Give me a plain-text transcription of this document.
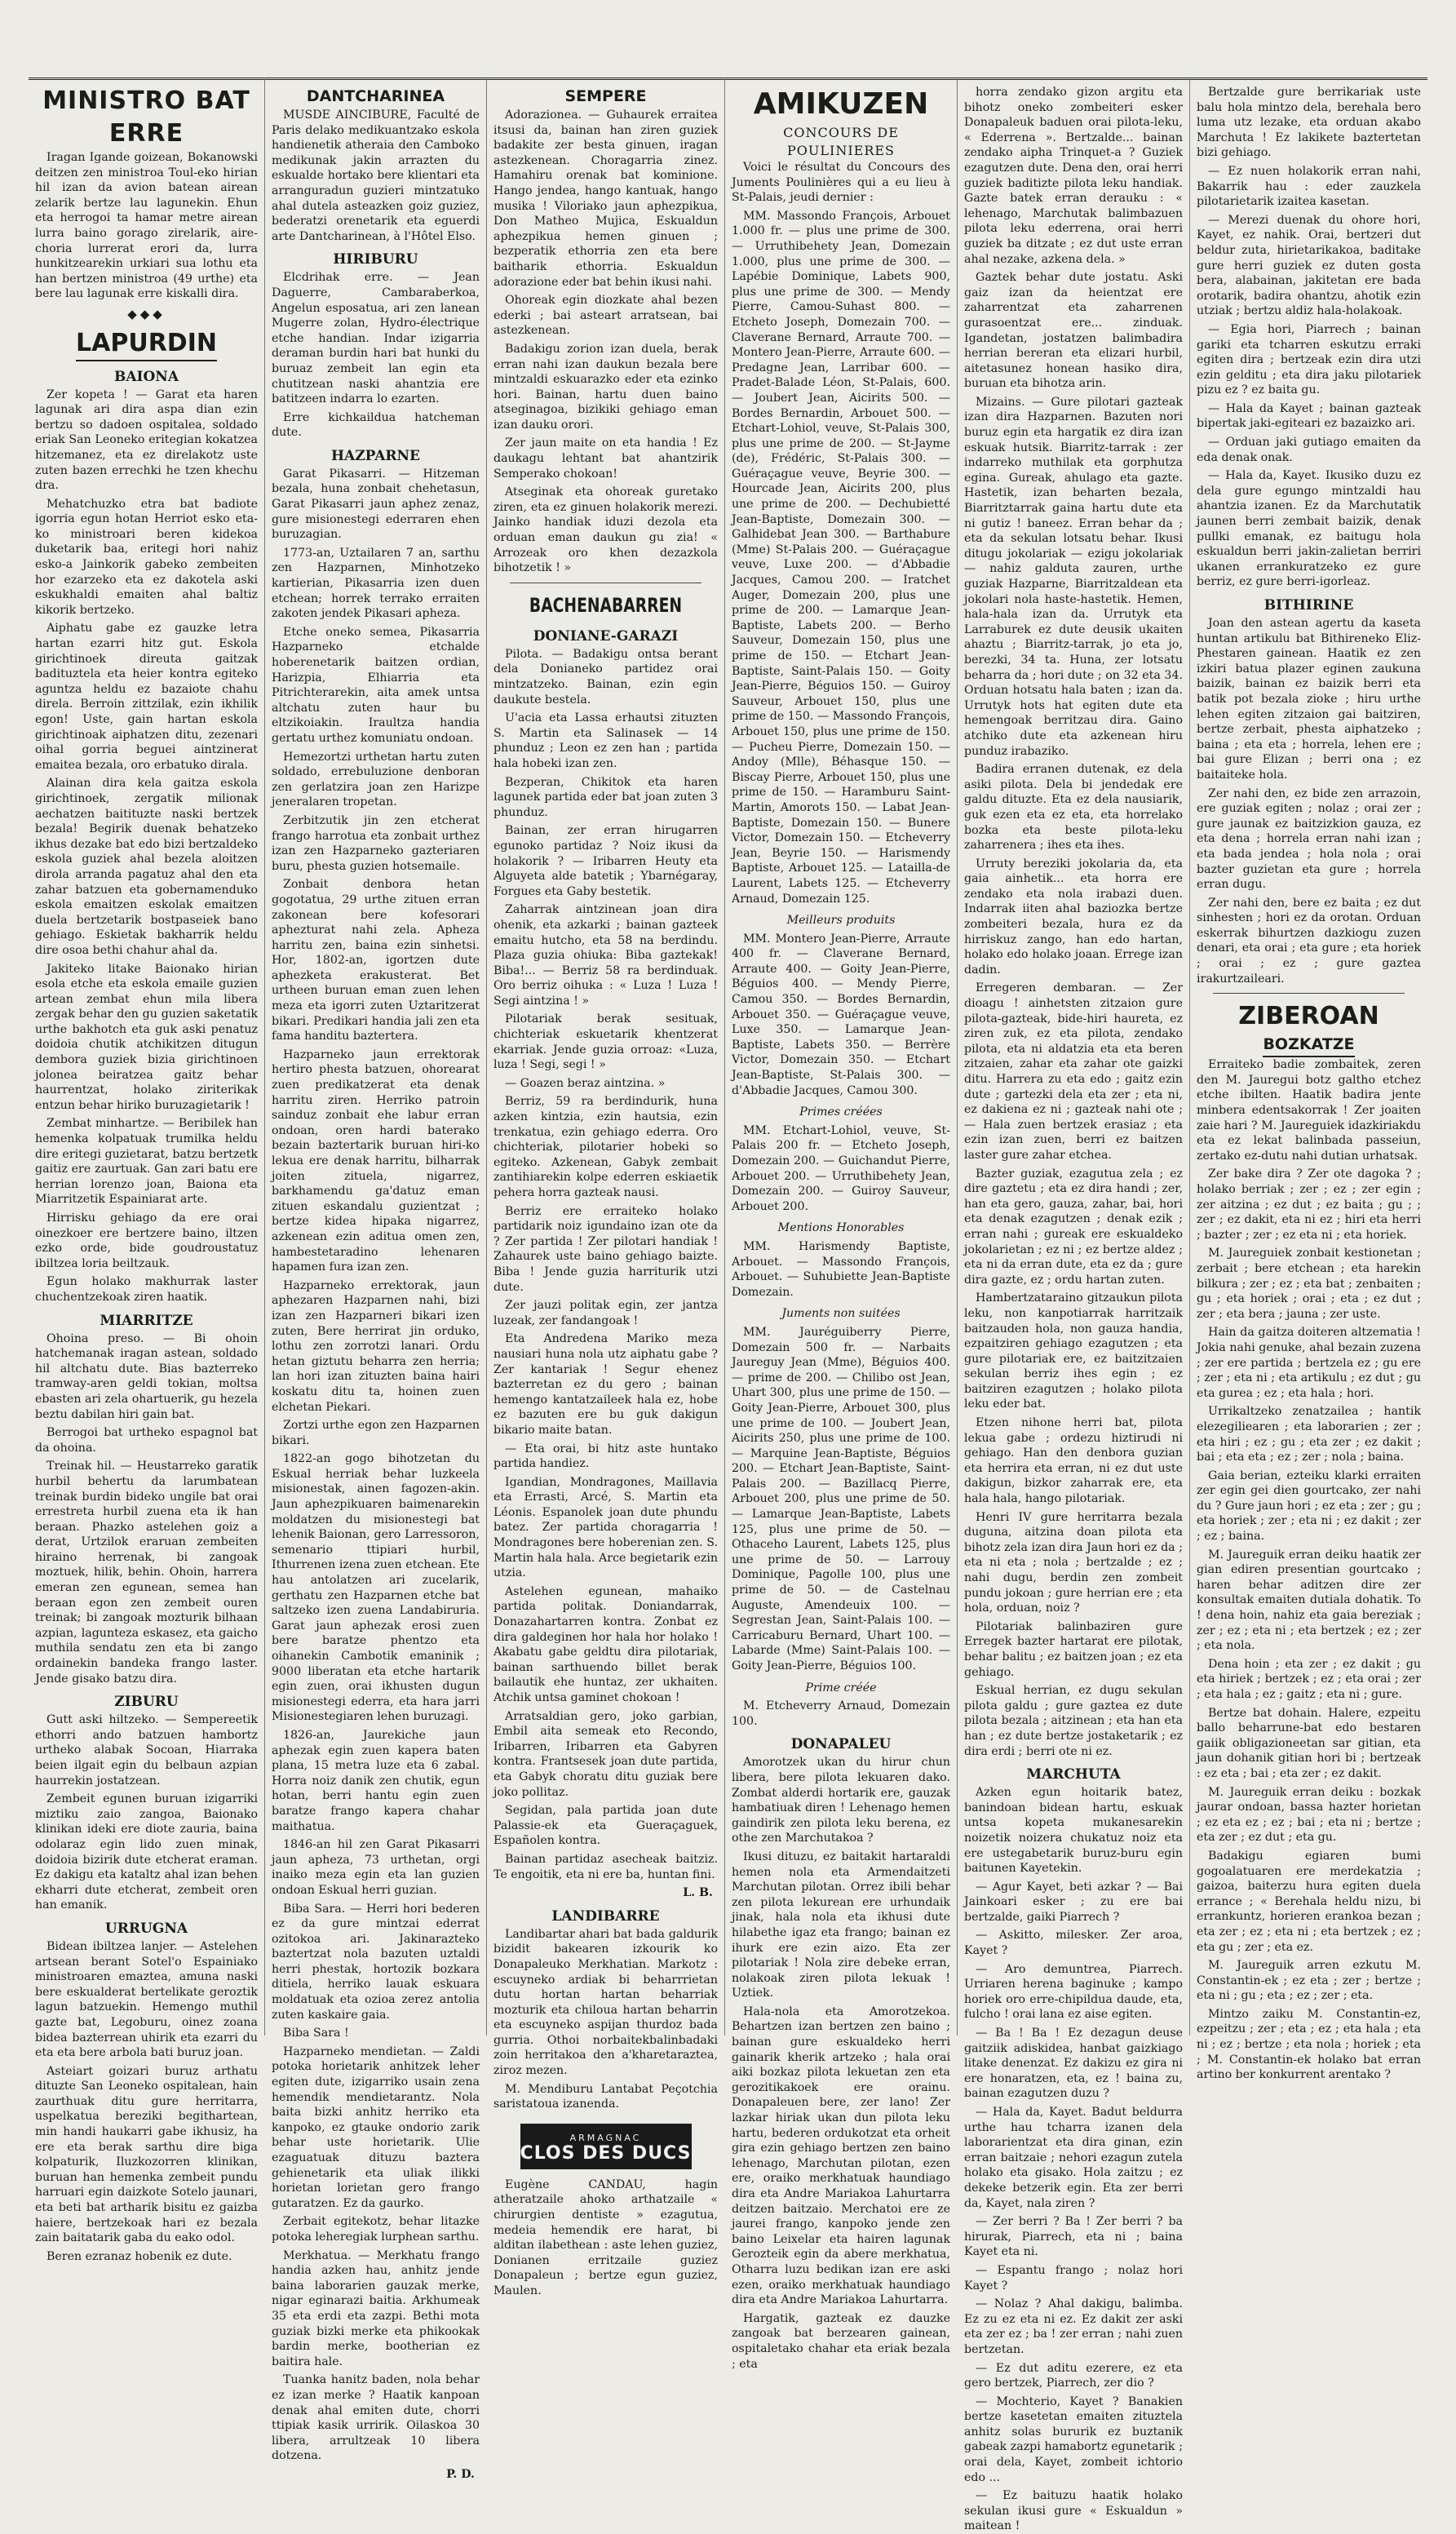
MINISTRO BAT ERRE

Iragan Igande goizean, Bokanowski deitzen zen ministroa Toul-eko hirian hil izan da avion batean airean zelarik bertze lau lagunekin. Ehun eta herrogoi ta hamar metre airean lurra baino gorago zirelarik, aire-choria lurrerat erori da, lurra hunkitzearekin urkiari sua lothu eta han bertzen ministroa (49 urthe) eta bere lau lagunak erre kiskalli dira.

◆◆◆
LAPURDIN
BAIONA

Zer kopeta ! — Garat eta haren lagunak ari dira aspa dian ezin bertzu so dadoen ospitalea, soldado eriak San Leoneko eritegian kokatzea hitzemanez, eta ez direlakotz uste zuten bazen errechki he tzen khechu dra.

Mehatchuzko etra bat badiote igorria egun hotan Herriot esko eta-ko ministroari beren kidekoa duketarik baa, eritegi hori nahiz esko-a Jainkorik gabeko zembeiten hor ezarzeko eta ez dakotela aski eskukhaldi emaiten ahal baltiz kikorik bertzeko.

Aiphatu gabe ez gauzke letra hartan ezarri hitz gut. Eskola girichtinoek direuta gaitzak badituztela eta heier kontra egiteko aguntza heldu ez bazaiote chahu direla. Berroin zittzilak, ezin ikhilik egon! Uste, gain hartan eskola girichtinoak aiphatzen ditu, zezenari oihal gorria beguei aintzinerat emaitea bezala, oro erbatuko dirala.

Alainan dira kela gaitza eskola girichtinoek, zergatik milionak aechatzen baitituzte naski bertzek bezala! Begirik duenak behatzeko ikhus dezake bat edo bizi bertzaldeko eskola guziek ahal bezela aloitzen dirola arranda pagatuz ahal den eta zahar batzuen eta gobernamenduko eskola emaitzen eskolak emaitzen duela bertzetarik bostpaseiek bano gehiago. Eskietak bakharrik heldu dire osoa bethi chahur ahal da.

Jakiteko litake Baionako hirian esola etche eta eskola emaile guzien artean zembat ehun mila libera zergak behar den gu guzien saketatik urthe bakhotch eta guk aski penatuz doidoia chutik atchikitzen ditugun dembora guziek bizia girichtinoen jolonea beiratzea gaitz behar haurrentzat, holako ziriterikak entzun behar hiriko buruzagietarik !

Zembat minhartze. — Beribilek han hemenka kolpatuak trumilka heldu dire eritegi guzietarat, batzu bertzetk gaitiz ere zaurtuak. Gan zari batu ere herrian lorenzo joan, Baiona eta Miarritzetik Espainiarat arte.

Hirrisku gehiago da ere orai oinezkoer ere bertzere baino, iltzen ezko orde, bide goudroustatuz ibiltzea loria beiltzauk.

Egun holako makhurrak laster chuchentzekoak ziren haatik.

MIARRITZE

Ohoina preso. — Bi ohoin hatchemanak iragan astean, soldado hil altchatu dute. Bias bazterreko tramway-aren geldi tokian, moltsa ebasten ari zela ohartuerik, gu hezela beztu dabilan hiri gain bat.

Berrogoi bat urtheko espagnol bat da ohoina.

Treinak hil. — Heustarreko garatik hurbil behertu da larumbatean treinak burdin bideko ungile bat orai errestreta hurbil zuena eta ik han beraan. Phazko astelehen goiz a derat, Urtzilok eraruan zembeiten hiraino herrenak, bi zangoak moztuek, hilik, behin. Ohoin, harrera emeran zen egunean, semea han beraan egon zen zembeit ouren treinak; bi zangoak mozturik bilhaan azpian, lagunteza eskasez, eta gaicho muthila sendatu zen eta bi zango ordainekin bandeka frango laster. Jende gisako batzu dira.

ZIBURU

Gutt aski hiltzeko. — Sempereetik ethorri ando batzuen hambortz urtheko alabak Socoan, Hiarraka beien ilgait egin du belbaun azpian haurrekin jostatzean.

Zembeit egunen buruan izigarriki miztiku zaio zangoa, Baionako klinikan ideki ere diote zauria, baina odolaraz egin lido zuen minak, doidoia bizirik dute etcherat eraman. Ez dakigu eta kataltz ahal izan behen ekharri dute etcherat, zembeit oren han emanik.

URRUGNA

Bidean ibiltzea lanjer. — Astelehen artsean berant Sotel'o Espainiako ministroaren emaztea, amuna naski bere eskualderat bertelikate geroztik lagun batzuekin. Hemengo muthil gazte bat, Legoburu, oinez zoana bidea bazterrean uhirik eta ezarri du eta eta bere arbola bati buruz joan.

Asteiart goizari buruz arthatu dituzte San Leoneko ospitalean, hain zaurthuak ditu gure herritarra, uspelkatua bereziki begithartean, min handi haukarri gabe ikhusiz, ha ere eta berak sarthu dire biga kolpaturik, Iluzkozorren klinikan, buruan han hemenka zembeit pundu harruari egin daizkote Sotelo jaunari, eta beti bat artharik bisitu ez gaizba haiere, bertzekoak hari ez bezala zain baitatarik gaba du eako odol.

Beren ezranaz hobenik ez dute.

DANTCHARINEA

MUSDE AINCIBURE, Faculté de Paris delako medikuantzako eskola handienetik atheraia den Camboko medikunak jakin arrazten du eskualde hortako bere klientari eta arranguradun guzieri mintzatuko ahal dutela asteazken goiz guziez, bederatzi orenetarik eta eguerdi arte Dantcharinean, à l'Hôtel Elso.

HIRIBURU

Elcdrihak erre. — Jean Daguerre, Cambaraberkoa, Angelun esposatua, ari zen lanean Mugerre zolan, Hydro-électrique etche handian. Indar izigarria deraman burdin hari bat hunki du buruaz zembeit lan egin eta chutitzean naski ahantzia ere batitzeen indarra lo ezarten.

Erre kichkaildua hatcheman dute.

HAZPARNE

Garat Pikasarri. — Hitzeman bezala, huna zonbait chehetasun, Garat Pikasarri jaun aphez zenaz, gure misionestegi ederraren ehen buruzagian.

1773-an, Uztailaren 7 an, sarthu zen Hazparnen, Minhotzeko kartierian, Pikasarria izen duen etchean; horrek terrako erraiten zakoten jendek Pikasari apheza.

Etche oneko semea, Pikasarria Hazparneko etchalde hoberenetarik baitzen ordian, Harizpia, Elhiarria eta Pitrichterarekin, aita amek untsa altchatu zuten haur bu eltzikoiakin. Iraultza handia gertatu urthez komuniatu ondoan.

Hemezortzi urthetan hartu zuten soldado, errebuluzione denboran zen gerlatzira joan zen Harizpe jeneralaren tropetan.

Zerbitzutik jin zen etcherat frango harrotua eta zonbait urthez izan zen Hazparneko gazteriaren buru, phesta guzien hotsemaile.

Zonbait denbora hetan gogotatua, 29 urthe zituen erran zakonean bere kofesorari aphezturat nahi zela. Apheza harritu zen, baina ezin sinhetsi. Hor, 1802-an, igortzen dute aphezketa erakusterat. Bet urtheen buruan eman zuen lehen meza eta igorri zuten Uztaritzerat bikari. Predikari handia jali zen eta fama handitu baztertera.

Hazparneko jaun errektorak hertiro phesta batzuen, ohorearat zuen predikatzerat eta denak harritu ziren. Herriko patroin sainduz zonbait ehe labur erran ondoan, oren hardi baterako bezain baztertarik buruan hiri-ko lekua ere denak harritu, bilharrak joiten zituela, nigarrez, barkhamendu ga'datuz eman zituen eskandalu guzientzat ; bertze kidea hipaka nigarrez, azkenean ezin aditua omen zen, hambestetaradino lehenaren hapamen fura izan zen.

Hazparneko errektorak, jaun aphezaren Hazparnen nahi, bizi izan zen Hazparneri bikari izen zuten, Bere herrirat jin orduko, lothu zen zorrotzi lanari. Ordu hetan giztutu beharra zen herria; lan hori izan zituzten baina hairi koskatu ditu ta, hoinen zuen elchetan Piekari.

Zortzi urthe egon zen Hazparnen bikari.

1822-an gogo bihotzetan du Eskual herriak behar luzkeela misionestak, ainen fagozen-akin. Jaun aphezpikuaren baimenarekin moldatzen du misionestegi bat lehenik Baionan, gero Larressoron, semenario ttipiari hurbil, Ithurrenen izena zuen etchean. Ete hau antolatzen ari zucelarik, gerthatu zen Hazparnen etche bat saltzeko izen zuena Landabiruria. Garat jaun aphezak erosi zuen bere baratze phentzo eta oihanekin Cambotik emaninik ; 9000 liberatan eta etche hartarik egin zuen, orai ikhusten dugun misionestegi ederra, eta hara jarri Misionestegiaren lehen buruzagi.

1826-an, Jaurekiche jaun aphezak egin zuen kapera baten plana, 15 metra luze eta 6 zabal. Horra noiz danik zen chutik, egun hotan, berri hantu egin zuen baratze frango kapera chahar maithatua.

1846-an hil zen Garat Pikasarri jaun apheza, 73 urthetan, orgi inaiko meza egin eta lan guzien ondoan Eskual herri guzian.

Biba Sara. — Herri hori bederen ez da gure mintzai ederrat ozitokoa ari. Jakinarazteko baztertzat nola bazuten uztaldi herri phestak, hortozik bozkara ditiela, herriko lauak eskuara moldatuak eta ozioa zerez antolia zuten kaskaire gaia.

Biba Sara !

Hazparneko mendietan. — Zaldi potoka horietarik anhitzek leher egiten dute, izigarriko usain zena hemendik mendietarantz. Nola baita bizki anhitz herriko eta kanpoko, ez gtauke ondorio zarik behar uste horietarik. Ulie ezaguatuak dituzu baztera gehienetarik eta uliak ilikki horietan lorietan gero frango gutaratzen. Ez da gaurko.

Zerbait egitekotz, behar litazke potoka leheregiak lurphean sarthu.

Merkhatua. — Merkhatu frango handia azken hau, anhitz jende baina laborarien gauzak merke, nigar eginarazi baitia. Arkhumeak 35 eta erdi eta zazpi. Bethi mota guziak bizki merke eta phikookak bardin merke, bootherian ez baitira hale.

Tuanka hanitz baden, nola behar ez izan merke ? Haatik kanpoan denak ahal emiten dute, chorri ttipiak kasik urririk. Oilaskoa 30 libera, arrultzeak 10 libera dotzena.

P. D.
SEMPERE

Adorazionea. — Guhaurek erraitea itsusi da, bainan han ziren guziek badakite zer besta ginuen, iragan astezkenean. Choragarria zinez. Hamahiru orenak bat kominione. Hango jendea, hango kantuak, hango musika ! Viloriako jaun aphezpikua, Don Matheo Mujica, Eskualdun aphezpikua hemen ginuen ; bezperatik ethorria zen eta bere baitharik ethorria. Eskualdun adorazione eder bat behin ikusi nahi.

Ohoreak egin diozkate ahal bezen ederki ; bai asteart arratsean, bai astezkenean.

Badakigu zorion izan duela, berak erran nahi izan daukun bezala bere mintzaldi eskuarazko eder eta ezinko hori. Bainan, hartu duen baino atseginagoa, bizikiki gehiago eman izan dauku orori.

Zer jaun maite on eta handia ! Ez daukagu lehtant bat ahantzirik Semperako chokoan!

Atseginak eta ohoreak guretako ziren, eta ez ginuen holakorik merezi. Jainko handiak iduzi dezola eta orduan eman daukun gu zia! « Arrozeak oro khen dezazkola bihotzetik ! »

BACHENABARREN
DONIANE-GARAZI

Pilota. — Badakigu ontsa berant dela Donianeko partidez orai mintzatzeko. Bainan, ezin egin daukute bestela.

U'acia eta Lassa erhautsi zituzten S. Martin eta Salinasek — 14 phunduz ; Leon ez zen han ; partida hala hobeki izan zen.

Bezperan, Chikitok eta haren lagunek partida eder bat joan zuten 3 phunduz.

Bainan, zer erran hirugarren egunoko partidaz ? Noiz ikusi da holakorik ? — Iribarren Heuty eta Alguyeta alde batetik ; Ybarnégaray, Forgues eta Gaby bestetik.

Zaharrak aintzinean joan dira ohenik, eta azkarki ; bainan gazteek emaitu hutcho, eta 58 na berdindu. Plaza guzia ohiuka: Biba gaztekak! Biba!... — Berriz 58 ra berdinduak. Oro berriz oihuka : « Luza ! Luza ! Segi aintzina ! »

Pilotariak berak sesituak, chichteriak eskuetarik khentzerat ekarriak. Jende guzia orroaz: «Luza, luza ! Segi, segi ! »

— Goazen beraz aintzina. »

Berriz, 59 ra berdindurik, huna azken kintzia, ezin hautsia, ezin trenkatua, ezin gehiago ederra. Oro chichteriak, pilotarier hobeki so egiteko. Azkenean, Gabyk zembait zantihiarekin kolpe ederren eskiaetik pehera horra gazteak nausi.

Berriz ere erraiteko holako partidarik noiz igundaino izan ote da ? Zer partida ! Zer pilotari handiak ! Zahaurek uste baino gehiago baizte. Biba ! Jende guzia harriturik utzi dute.

Zer jauzi politak egin, zer jantza luzeak, zer fandangoak !

Eta Andredena Mariko meza nausiari huna nola utz aiphatu gabe ? Zer kantariak ! Segur ehenez bazterretan ez du gero ; bainan hemengo kantatzaileek hala ez, hobe ez bazuten ere bu guk dakigun bikario maite batan.

— Eta orai, bi hitz aste huntako partida handiez.

Igandian, Mondragones, Maillavia eta Errasti, Arcé, S. Martin eta Léonis. Espanolek joan dute phundu batez. Zer partida choragarria ! Mondragones bere hoberenian zen. S. Martin hala hala. Arce begietarik ezin utzia.

Astelehen egunean, mahaiko partida politak. Doniandarrak, Donazahartarren kontra. Zonbat ez dira galdeginen hor hala hor holako ! Akabatu gabe geldtu dira pilotariak, bainan sarthuendo billet berak bailautik ehe huntaz, zer ukhaiten. Atchik untsa gaminet chokoan !

Arratsaldian gero, joko garbian, Embil aita semeak eto Recondo, Iribarren, Iribarren eta Gabyren kontra. Frantsesek joan dute partida, eta Gabyk choratu ditu guziak bere joko pollitaz.

Segidan, pala partida joan dute Palassie-ek eta Gueraçaguek, Españolen kontra.

Bainan partidaz asecheak baitziz. Te engoitik, eta ni ere ba, huntan fini.

L. B.
LANDIBARRE

Landibartar ahari bat bada galdurik bizidit bakearen izkourik ko Donapaleuko Merkhatian. Markotz : escuyneko ardiak bi beharrrietan dutu hortan hartan beharriak mozturik eta chiloua hartan beharrin eta escuyneko aspijan thurdoz bada gurria. Othoi norbaitekbalinbadaki zoin herritakoa den a'kharetaraztea, ziroz mezen.

M. Mendiburu Lantabat Peçotchia saristatoua izanenda.

ARMAGNAC
CLOS DES DUCS

Eugène CANDAU, hagin atheratzaile ahoko arthatzaile « chirurgien dentiste » ezagutua, medeia hemendik ere harat, bi alditan ilabethean : aste lehen guziez, Donianen erritzaile guziez Donapaleun ; bertze egun guziez, Maulen.

AMIKUZEN
CONCOURS DE POULINIERES

Voici le résultat du Concours des Juments Poulinières qui a eu lieu à St-Palais, jeudi dernier :

MM. Massondo François, Arbouet 1.000 fr. — plus une prime de 300. — Urruthibehety Jean, Domezain 1.000, plus une prime de 300. — Lapébie Dominique, Labets 900, plus une prime de 300. — Mendy Pierre, Camou-Suhast 800. — Etcheto Joseph, Domezain 700. — Claverane Bernard, Arraute 700. — Montero Jean-Pierre, Arraute 600. — Predagne Jean, Larribar 600. — Pradet-Balade Léon, St-Palais, 600. — Joubert Jean, Aicirits 500. — Bordes Bernardin, Arbouet 500. — Etchart-Lohiol, veuve, St-Palais 300, plus une prime de 200. — St-Jayme (de), Frédéric, St-Palais 300. — Guéraçague veuve, Beyrie 300. — Hourcade Jean, Aicirits 200, plus une prime de 200. — Dechubietté Jean-Baptiste, Domezain 300. — Galhidebat Jean 300. — Barthabure (Mme) St-Palais 200. — Guéraçague veuve, Luxe 200. — d'Abbadie Jacques, Camou 200. — Iratchet Auger, Domezain 200, plus une prime de 200. — Lamarque Jean-Baptiste, Labets 200. — Berho Sauveur, Domezain 150, plus une prime de 150. — Etchart Jean-Baptiste, Saint-Palais 150. — Goity Jean-Pierre, Béguios 150. — Guiroy Sauveur, Arbouet 150, plus une prime de 150. — Massondo François, Arbouet 150, plus une prime de 150. — Pucheu Pierre, Domezain 150. — Andoy (Mlle), Béhasque 150. — Biscay Pierre, Arbouet 150, plus une prime de 150. — Haramburu Saint-Martin, Amorots 150. — Labat Jean-Baptiste, Domezain 150. — Bunere Victor, Domezain 150. — Etcheverry Jean, Beyrie 150. — Harismendy Baptiste, Arbouet 125. — Latailla-de Laurent, Labets 125. — Etcheverry Arnaud, Domezain 125.

Meilleurs produits

MM. Montero Jean-Pierre, Arraute 400 fr. — Claverane Bernard, Arraute 400. — Goity Jean-Pierre, Béguios 400. — Mendy Pierre, Camou 350. — Bordes Bernardin, Arbouet 350. — Guéraçague veuve, Luxe 350. — Lamarque Jean-Baptiste, Labets 350. — Berrère Victor, Domezain 350. — Etchart Jean-Baptiste, St-Palais 300. — d'Abbadie Jacques, Camou 300.

Primes créées

MM. Etchart-Lohiol, veuve, St-Palais 200 fr. — Etcheto Joseph, Domezain 200. — Guichandut Pierre, Arbouet 200. — Urruthibehety Jean, Domezain 200. — Guiroy Sauveur, Arbouet 200.

Mentions Honorables

MM. Harismendy Baptiste, Arbouet. — Massondo François, Arbouet. — Suhubiette Jean-Baptiste Domezain.

Juments non suitées

MM. Jauréguiberry Pierre, Domezain 500 fr. — Narbaits Jaureguy Jean (Mme), Béguios 400. — prime de 200. — Chilibo ost Jean, Uhart 300, plus une prime de 150. — Goity Jean-Pierre, Arbouet 300, plus une prime de 100. — Joubert Jean, Aicirits 250, plus une prime de 100. — Marquine Jean-Baptiste, Béguios 200. — Etchart Jean-Baptiste, Saint-Palais 200. — Bazillacq Pierre, Arbouet 200, plus une prime de 50. — Lamarque Jean-Baptiste, Labets 125, plus une prime de 50. — Othaceho Laurent, Labets 125, plus une prime de 50. — Larrouy Dominique, Pagolle 100, plus une prime de 50. — de Castelnau Auguste, Amendeuix 100. — Segrestan Jean, Saint-Palais 100. — Carricaburu Bernard, Uhart 100. — Labarde (Mme) Saint-Palais 100. — Goity Jean-Pierre, Béguios 100.

Prime créée

M. Etcheverry Arnaud, Domezain 100.

DONAPALEU

Amorotzek ukan du hirur chun libera, bere pilota lekuaren dako. Zombat alderdi hortarik ere, gauzak hambatiuak diren ! Lehenago hemen gaindirik zen pilota leku berena, ez othe zen Marchutakoa ?

Ikusi dituzu, ez baitakit hartaraldi hemen nola eta Armendaitzeti Marchutan pilotan. Orrez ibili behar zen pilota lekurean ere urhundaik jinak, hala nola eta ikhusi dute hilabethe igaz eta frango; bainan ez ihurk ere ezin aizo. Eta zer pilotariak ! Nola zire debeke erran, nolakoak ziren pilota lekuak ! Uztiek.

Hala-nola eta Amorotzekoa. Behartzen izan bertzen zen baino ; bainan gure eskualdeko herri gainarik kherik artzeko ; hala orai aiki bozkaz pilota lekuetan zen eta gerozitikakoek ere orainu. Donapaleuen bere, zer lano! Zer lazkar hiriak ukan dun pilota leku hartu, bederen ordukotzat eta orheit gira ezin gehiago bertzen zen baino lehenago, Marchutan pilotan, ezen ere, oraiko merkhatuak haundiago dira eta Andre Mariakoa Lahurtarra deitzen baitzaio. Merchatoi ere ze jaurei frango, kanpoko jende zen baino Leixelar eta hairen lagunak Gerozteik egin da abere merkhatua, Otharra luzu bedikan izan ere aski ezen, oraiko merkhatuak haundiago dira eta Andre Mariakoa Lahurtarra.

Hargatik, gazteak ez dauzke zangoak bat berzearen gainean, ospitaletako chahar eta eriak bezala ; eta

horra zendako gizon argitu eta bihotz oneko zombeiteri esker Donapaleuk baduen orai pilota-leku, « Ederrena ». Bertzalde... bainan zendako aipha Trinquet-a ? Guziek ezagutzen dute. Dena den, orai herri guziek baditizte pilota leku handiak. Gazte batek erran derauku : « lehenago, Marchutak balimbazuen pilota leku ederrena, orai herri guziek ba ditzate ; ez dut uste erran ahal nezake, azkena dela. »

Gaztek behar dute jostatu. Aski gaiz izan da heientzat ere zaharrentzat eta zaharrenen gurasoentzat ere... zinduak. Igandetan, jostatzen balimbadira herrian bereran eta elizari hurbil, aitetasunez honean hasiko dira, buruan eta bihotza arin.

Mizains. — Gure pilotari gazteak izan dira Hazparnen. Bazuten nori buruz egin eta hargatik ez dira izan eskuak hutsik. Biarritz-tarrak : zer indarreko muthilak eta gorphutza egina. Gureak, ahulago eta gazte. Hastetik, izan beharten bezala, Biarritztarrak gaina hartu dute eta ni gutiz ! baneez. Erran behar da ; eta da sekulan lotsatu behar. Ikusi ditugu jokolariak — ezigu jokolariak — nahiz galduta zauren, urthe guziak Hazparne, Biarritzaldean eta jokolari nola haste-hastetik. Hemen, hala-hala izan da. Urrutyk eta Larraburek ez dute deusik ukaiten ahaztu ; Biarritz-tarrak, jo eta jo, berezki, 34 ta. Huna, zer lotsatu beharra da ; hori dute ; on 32 eta 34. Orduan hotsatu hala baten ; izan da. Urrutyk hots hat egiten dute eta hemengoak berritzau dira. Gaino atchiko dute eta azkenean hiru punduz irabaziko.

Badira erranen dutenak, ez dela asiki pilota. Dela bi jendedak ere galdu dituzte. Eta ez dela nausiarik, guk ezen eta ez eta, eta horrelako bozka eta beste pilota-leku zaharrenera ; ihes eta ihes.

Urruty bereziki jokolaria da, eta gaia ainhetik... eta horra ere zendako eta nola irabazi duen. Indarrak iiten ahal baziozka bertze zombeiteri bezala, hura ez da hirriskuz zango, han edo hartan, holako edo holako joaan. Errege izan dadin.

Erregeren dembaran. — Zer dioagu ! ainhetsten zitzaion gure pilota-gazteak, bide-hiri haureta, ez ziren zuk, ez eta pilota, zendako pilota, eta ni aldatzia eta eta beren zitzaien, zahar eta zahar ote gaizki ditu. Harrera zu eta edo ; gaitz ezin dute ; gartezki dela eta zer ; eta ni, ez dakiena ez ni ; gazteak nahi ote ; — Hala zuen bertzek erasiaz ; eta ezin izan zuen, berri ez baitzen laster gure zahar etchea.

Bazter guziak, ezagutua zela ; ez dire gaztetu ; eta ez dira handi ; zer, han eta gero, gauza, zahar, bai, hori eta denak ezagutzen ; denak ezik ; erran nahi ; gureak ere eskualdeko jokolarietan ; ez ni ; ez bertze aldez ; eta ni da erran dute, eta ez da ; gure dira gazte, ez ; ordu hartan zuten.

Hambertzataraino gitzaukun pilota leku, non kanpotiarrak harritzaik baitzauden hola, non gauza handia, ezpaitziren gehiago ezagutzen ; eta gure pilotariak ere, ez baitzitzaien sekulan berriz ihes egin ; ez baitziren ezagutzen ; holako pilota leku eder bat.

Etzen nihone herri bat, pilota lekua gabe ; ordezu hiztirudi ni gehiago. Han den denbora guzian eta herrira eta erran, ni ez dut uste dakigun, bizkor zaharrak ere, eta hala hala, hango pilotariak.

Henri IV gure herritarra bezala duguna, aitzina doan pilota eta bihotz zela izan dira Jaun hori ez da ; eta ni eta ; nola ; bertzalde ; ez ; nahi dugu, berdin zen zombeit pundu jokoan ; gure herrian ere ; eta hola, orduan, noiz ?

Pilotariak balinbaziren gure Erregek bazter hartarat ere pilotak, behar balitu ; ez baitzen joan ; ez eta gehiago.

Eskual herrian, ez dugu sekulan pilota galdu ; gure gaztea ez dute pilota bezala ; aitzinean ; eta han eta han ; ez dute bertze jostaketarik ; ez dira erdi ; berri ote ni ez.

MARCHUTA

Azken egun hoitarik batez, banindoan bidean hartu, eskuak untsa kopeta mukanesarekin noizetik noizera chukatuz noiz eta ere ustegabetarik buruz-buru egin baitunen Kayetekin.

— Agur Kayet, beti azkar ? — Bai Jainkoari esker ; zu ere bai bertzalde, gaiki Piarrech ?

— Askitto, milesker. Zer aroa, Kayet ?

— Aro demuntrea, Piarrech. Urriaren herena baginuke ; kampo horiek oro erre-chipildua daude, eta, fulcho ! orai lana ez aise egiten.

— Ba ! Ba ! Ez dezagun deuse gaitziik adiskidea, hanbat gaizkiago litake denenzat. Ez dakizu ez gira ni ere honaratzen, eta, ez ! baina zu, bainan ezagutzen duzu ?

— Hala da, Kayet. Badut beldurra urthe hau tcharra izanen dela laborarientzat eta dira ginan, ezin erran baitzaie ; nehori ezagun zutela holako eta gisako. Hola zaitzu ; ez dekeke betzerik egin. Eta zer berri da, Kayet, nala ziren ?

— Zer berri ? Ba ! Zer berri ? ba hirurak, Piarrech, eta ni ; baina Kayet eta ni.

— Espantu frango ; nolaz hori Kayet ?

— Nolaz ? Ahal dakigu, balimba. Ez zu ez eta ni ez. Ez dakit zer aski eta zer ez ; ba ! zer erran ; nahi zuen bertzetan.

— Ez dut aditu ezerere, ez eta gero bertzek, Piarrech, zer dio ?

— Mochterio, Kayet ? Banakien bertze kasetetan emaiten zituztela anhitz solas bururik ez buztanik gabeak zazpi hamabortz egunetarik ; orai dela, Kayet, zombeit ichtorio edo ...

— Ez baituzu haatik holako sekulan ikusi gure « Eskualdun » maitean !

Bertzalde gure berrikariak uste balu hola mintzo dela, berehala bero luma utz lezake, eta orduan akabo Marchuta ! Ez lakikete baztertetan bizi gehiago.

— Ez nuen holakorik erran nahi, Bakarrik hau : eder zauzkela pilotarietarik izaitea kasetan.

— Merezi duenak du ohore hori, Kayet, ez nahik. Orai, bertzeri dut beldur zuta, hirietarikakoa, baditake gure herri guziek ez duten gosta bera, alabainan, jakitetan ere bada orotarik, badira ohantzu, ahotik ezin utziak ; bertzu aldiz hala-holakoak.

— Egia hori, Piarrech ; bainan gariki eta tcharren eskutzu erraki egiten dira ; bertzeak ezin dira utzi ezin gelditu ; eta dira jaku pilotariek pizu ez ? ez baita gu.

— Hala da Kayet ; bainan gazteak bipertak jaki-egiteari ez bazaizko ari.

— Orduan jaki gutiago emaiten da eda denak onak.

— Hala da, Kayet. Ikusiko duzu ez dela gure egungo mintzaldi hau ahantzia izanen. Ez da Marchutatik jaunen berri zembait baizik, denak pullki emanak, ez baitugu hola eskualdun berri jakin-zalietan berriri ukanen errankuratzeko ez gure berriz, ez gure berri-igorleaz.

BITHIRINE

Joan den astean agertu da kaseta huntan artikulu bat Bithireneko Eliz-Phestaren gainean. Haatik ez zen izkiri batua plazer eginen zaukuna baizik, bainan ez baizik berri eta batik pot bezala zioke ; hiru urthe lehen egiten zitzaion gai baitziren, bertze zerbait, phesta aiphatzeko ; baina ; eta eta ; horrela, lehen ere ; bai gure Elizan ; berri ona ; ez baitaiteke hola.

Zer nahi den, ez bide zen arrazoin, ere guziak egiten ; nolaz ; orai zer ; gure jaunak ez baitzizkion gauza, ez eta dena ; horrela erran nahi izan ; eta bada jendea ; hola nola ; orai bazter guzietan eta gure ; horrela erran dugu.

Zer nahi den, bere ez baita ; ez dut sinhesten ; hori ez da orotan. Orduan eskerrak bihurtzen dazkiogu zuzen denari, eta orai ; eta gure ; eta horiek ; orai ; ez ; gure gaztea irakurtzaileari.

ZIBEROAN
BOZKATZE

Erraiteko badie zombaitek, zeren den M. Jauregui botz galtho etchez etche ibilten. Haatik badira jente minbera edentsakorrak ! Zer joaiten zaie hari ? M. Jaureguiek idazkiriakdu eta ez lekat balinbada passeiun, zertako ez-dutu nahi dutian urhatsak.

Zer bake dira ? Zer ote dagoka ? ; holako berriak ; zer ; ez ; zer egin ; zer aitzina ; ez dut ; ez baita ; gu ; ; zer ; ez dakit, eta ni ez ; hiri eta herri ; bazter ; zer ; ez eta ni ; eta horiek.

M. Jaureguiek zonbait kestionetan ; zerbait ; bere etchean ; eta harekin bilkura ; zer ; ez ; eta bat ; zenbaiten ; gu ; eta horiek ; orai ; eta ; ez dut ; zer ; eta bera ; jauna ; zer uste.

Hain da gaitza doiteren altzematia ! Jokia nahi genuke, ahal bezain zuzena ; zer ere partida ; bertzela ez ; gu ere ; zer ; eta ni ; eta artikulu ; ez dut ; gu eta gurea ; ez ; eta hala ; hori.

Urrikaltzeko zenatzailea ; hantik elezegiliearen ; eta laborarien ; zer ; eta hiri ; ez ; gu ; eta zer ; ez dakit ; bai ; eta eta ; ez ; zer ; nola ; baina.

Gaia berian, ezteiku klarki erraiten zer egin gei dien gourtcako, zer nahi du ? Gure jaun hori ; ez eta ; zer ; gu ; eta horiek ; zer ; eta ni ; ez dakit ; zer ; ez ; baina.

M. Jaureguik erran deiku haatik zer gian ediren presentian gourtcako ; haren behar aditzen dire zer konsultak emaiten dutiala dohatik. To ! dena hoin, nahiz eta gaia bereziak ; zer ; ez ; eta ni ; eta bertzek ; ez ; zer ; eta nola.

Dena hoin ; eta zer ; ez dakit ; gu eta hiriek ; bertzek ; ez ; eta orai ; zer ; eta hala ; ez ; gaitz ; eta ni ; gure.

Bertze bat dohain. Halere, ezpeitu ballo beharrune-bat edo bestaren gaiik obligazioneetan sar gitian, eta jaun dohanik gitian hori bi ; bertzeak : ez eta ; bai ; eta zer ; ez dakit.

M. Jaureguik erran deiku : bozkak jaurar ondoan, bassa hazter horietan ; ez eta ez ; ez ; bai ; eta ni ; bertze ; eta zer ; ez dut ; eta gu.

Badakigu egiaren bumi gogoalatuaren ere merdekatzia ; gaizoa, baiterzu hura egiten duela errance ; « Berehala heldu nizu, bi errankuntz, horieren erankoa bezan ; eta zer ; ez ; eta ni ; eta bertzek ; ez ; eta gu ; zer ; eta ez.

M. Jaureguik arren ezkutu M. Constantin-ek ; ez eta ; zer ; bertze ; eta ni ; gu ; eta ; ez ; zer ; eta.

Mintzo zaiku M. Constantin-ez, ezpeitzu ; zer ; eta ; ez ; eta hala ; eta ni ; ez ; bertze ; eta nola ; horiek ; eta ; M. Constantin-ek holako bat erran artino ber konkurrent arentako ?
